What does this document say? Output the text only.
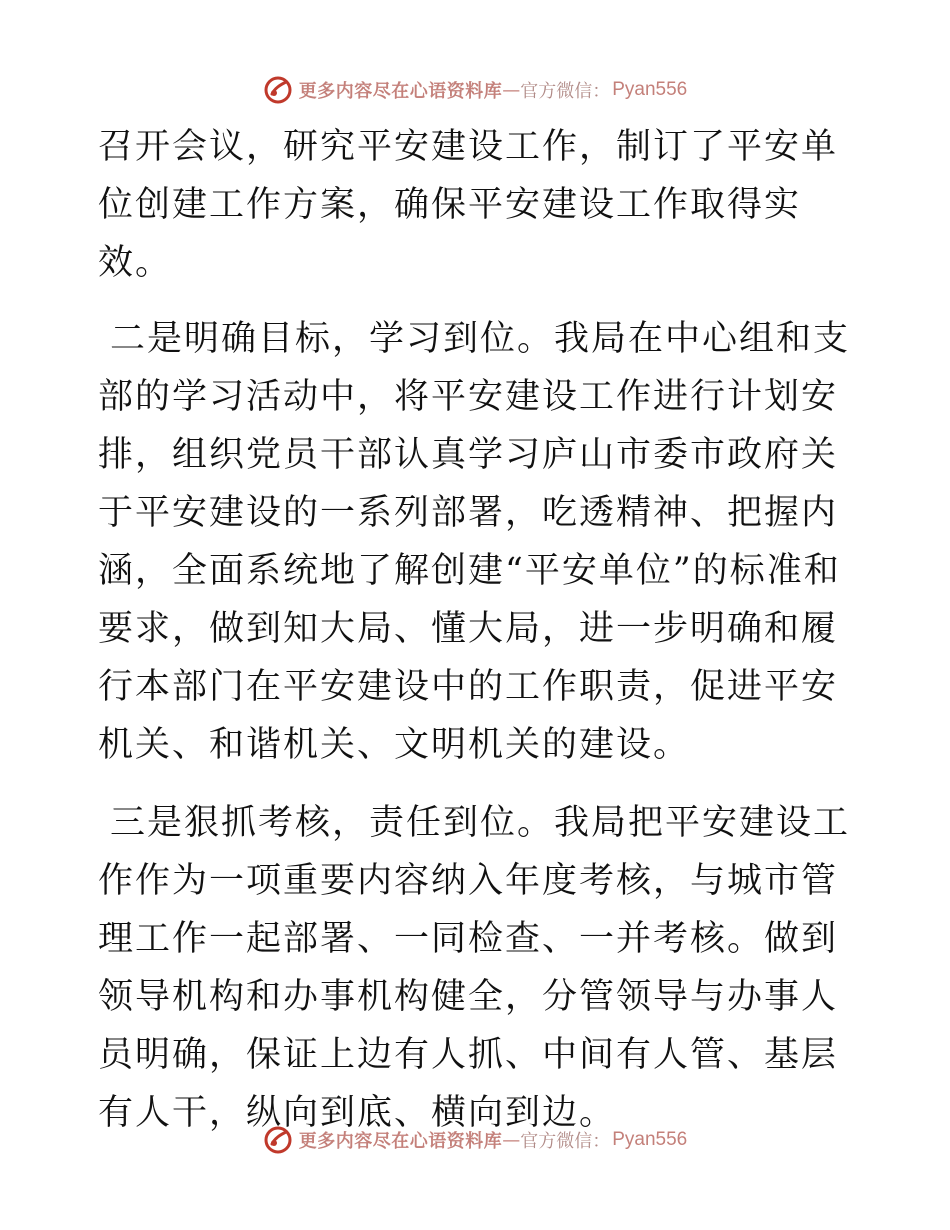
更多内容尽在心语资料库 — 官方微信： Pyan556

召开会议，研究平安建设工作，制订了平安单位创建工作方案，确保平安建设工作取得实效。

二是明确目标，学习到位。我局在中心组和支部的学习活动中，将平安建设工作进行计划安排，组织党员干部认真学习庐山市委市政府关于平安建设的一系列部署，吃透精神、把握内涵，全面系统地了解创建“平安单位”的标准和要求，做到知大局、懂大局，进一步明确和履行本部门在平安建设中的工作职责，促进平安机关、和谐机关、文明机关的建设。

三是狠抓考核，责任到位。我局把平安建设工作作为一项重要内容纳入年度考核，与城市管理工作一起部署、一同检查、一并考核。做到领导机构和办事机构健全，分管领导与办事人员明确，保证上边有人抓、中间有人管、基层有人干，纵向到底、横向到边。

更多内容尽在心语资料库 — 官方微信： Pyan556
